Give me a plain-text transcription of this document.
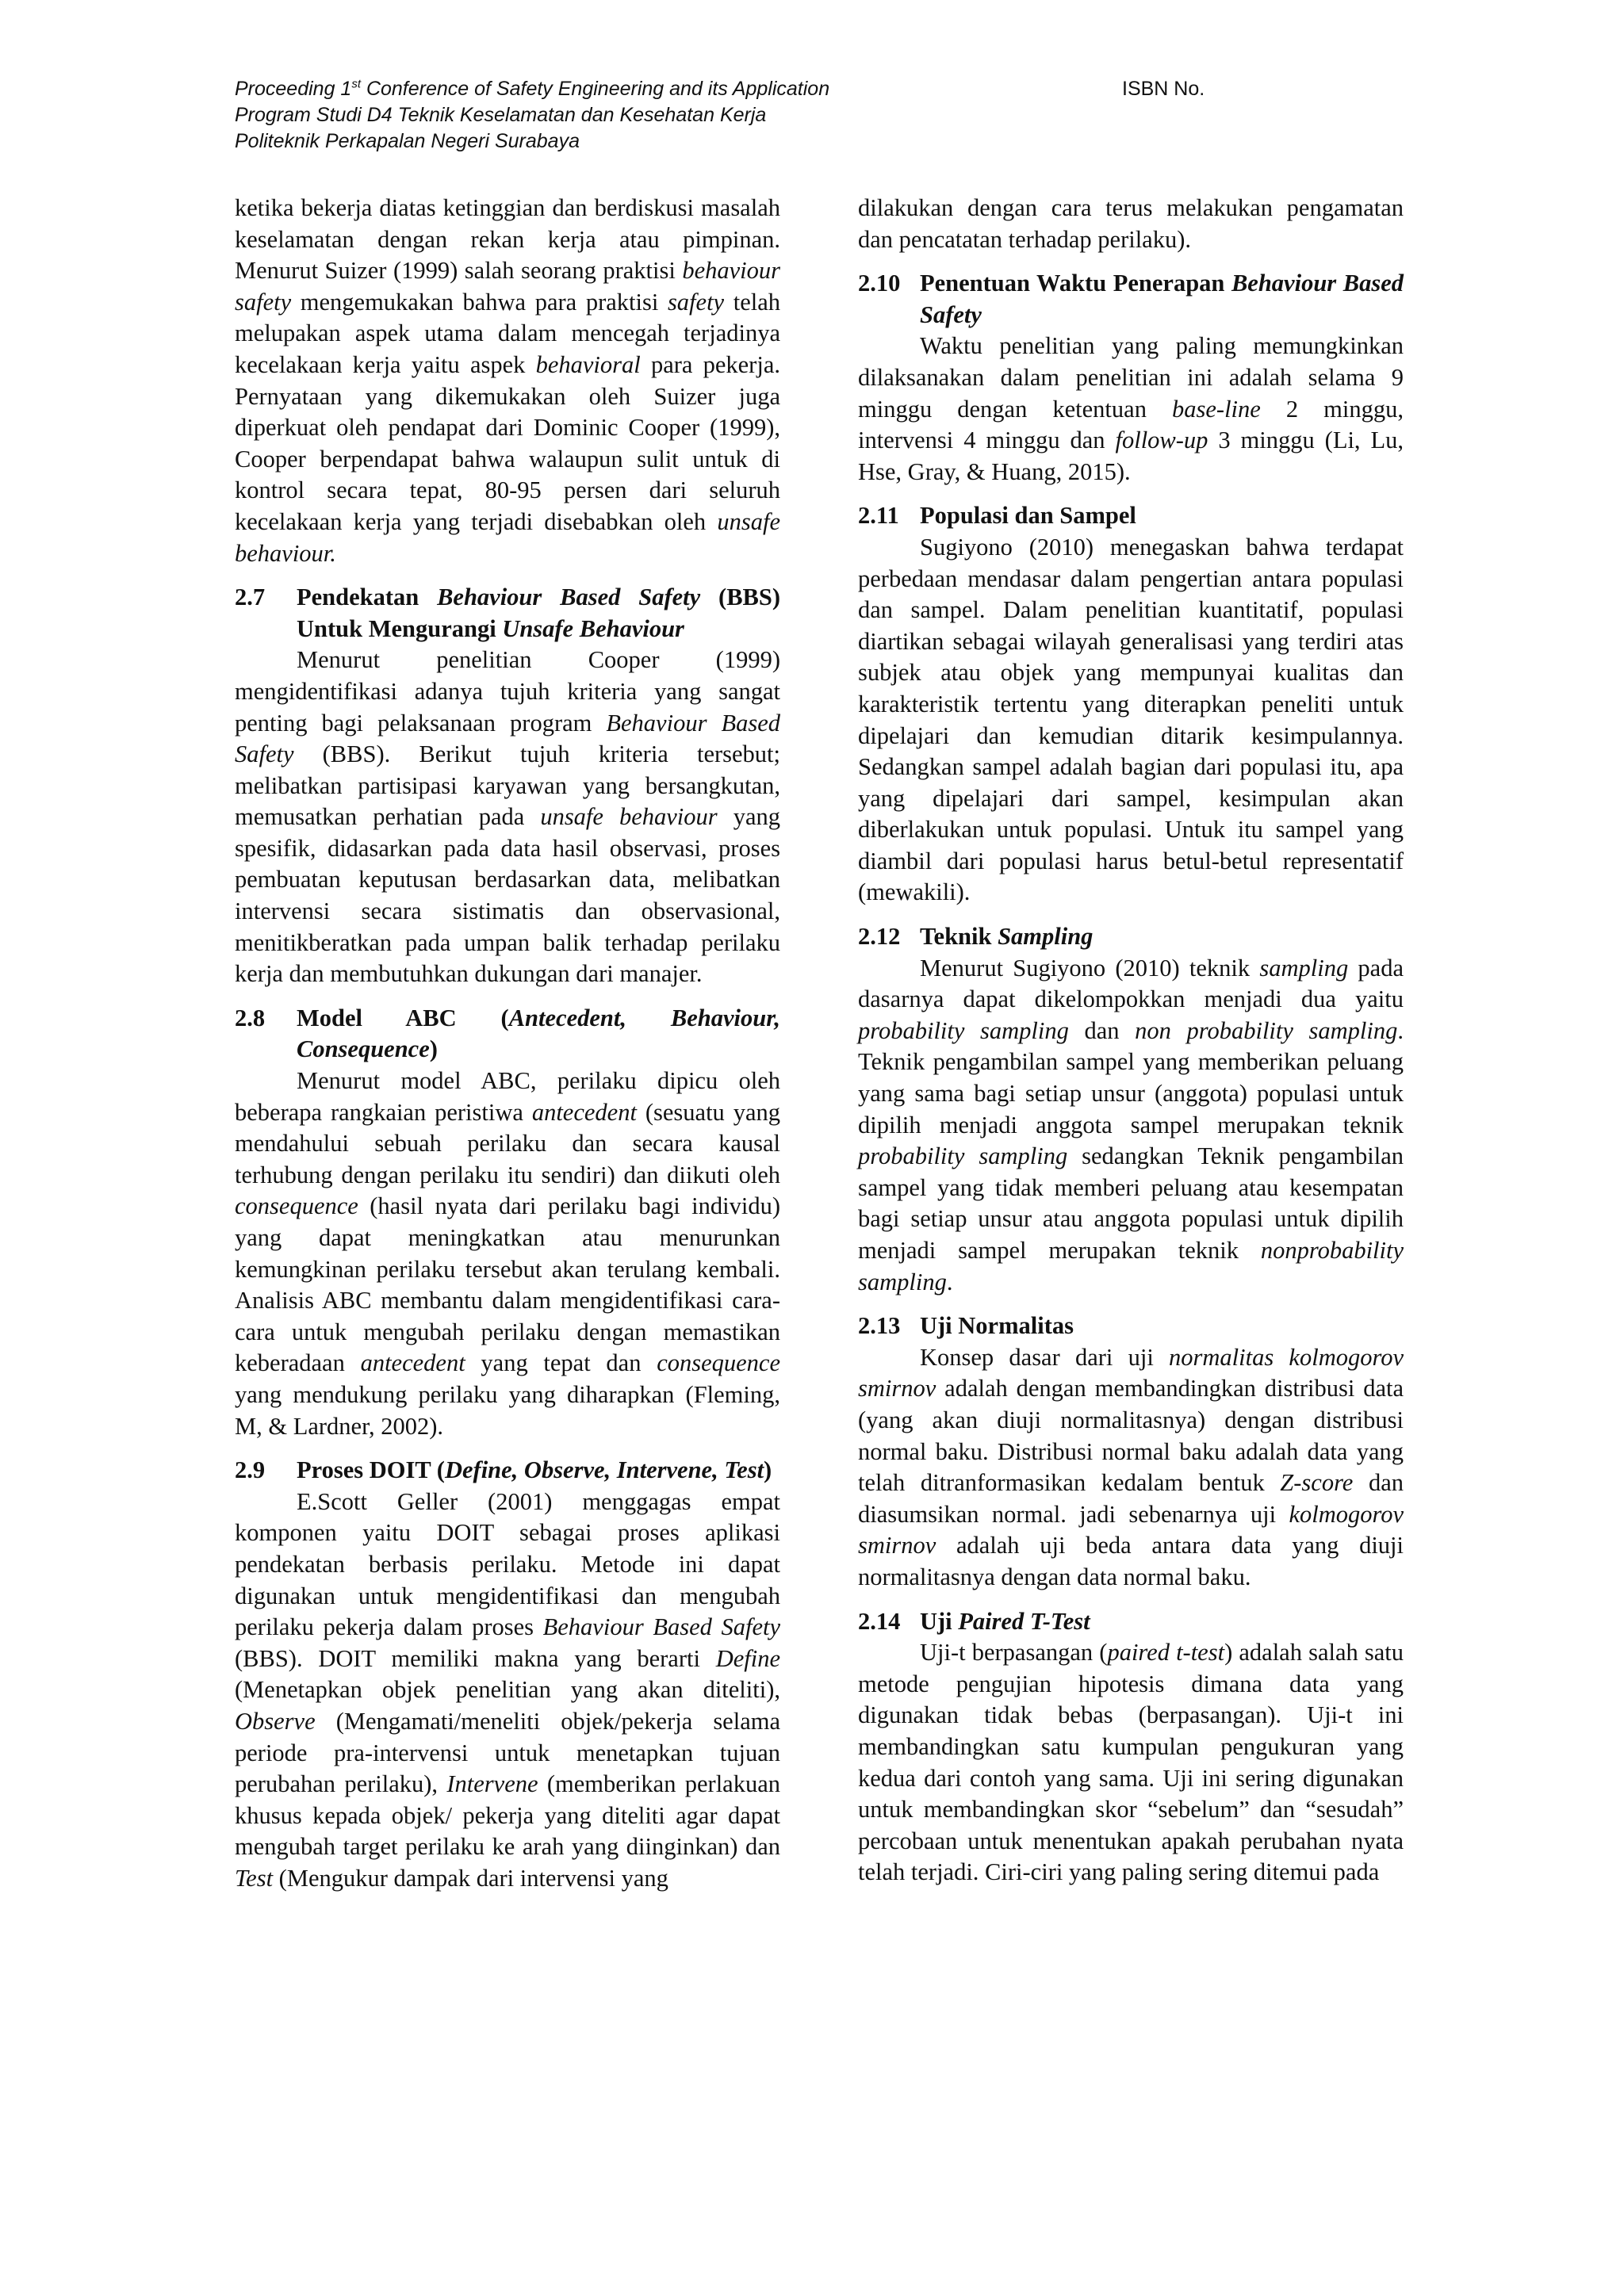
Proceeding 1st Conference of Safety Engineering and its Application	ISBN No.
Program Studi D4 Teknik Keselamatan dan Kesehatan Kerja
Politeknik Perkapalan Negeri Surabaya

ketika bekerja diatas ketinggian dan berdiskusi masalah keselamatan dengan rekan kerja atau pimpinan. Menurut Suizer (1999) salah seorang praktisi behaviour safety mengemukakan bahwa para praktisi safety telah melupakan aspek utama dalam mencegah terjadinya kecelakaan kerja yaitu aspek behavioral para pekerja. Pernyataan yang dikemukakan oleh Suizer juga diperkuat oleh pendapat dari Dominic Cooper (1999), Cooper berpendapat bahwa walaupun sulit untuk di kontrol secara tepat, 80-95 persen dari seluruh kecelakaan kerja yang terjadi disebabkan oleh unsafe behaviour.

2.7 Pendekatan Behaviour Based Safety (BBS) Untuk Mengurangi Unsafe Behaviour

Menurut penelitian Cooper (1999) mengidentifikasi adanya tujuh kriteria yang sangat penting bagi pelaksanaan program Behaviour Based Safety (BBS). Berikut tujuh kriteria tersebut; melibatkan partisipasi karyawan yang bersangkutan, memusatkan perhatian pada unsafe behaviour yang spesifik, didasarkan pada data hasil observasi, proses pembuatan keputusan berdasarkan data, melibatkan intervensi secara sistimatis dan observasional, menitikberatkan pada umpan balik terhadap perilaku kerja dan membutuhkan dukungan dari manajer.

2.8 Model ABC (Antecedent, Behaviour, Consequence)

Menurut model ABC, perilaku dipicu oleh beberapa rangkaian peristiwa antecedent (sesuatu yang mendahului sebuah perilaku dan secara kausal terhubung dengan perilaku itu sendiri) dan diikuti oleh consequence (hasil nyata dari perilaku bagi individu) yang dapat meningkatkan atau menurunkan kemungkinan perilaku tersebut akan terulang kembali. Analisis ABC membantu dalam mengidentifikasi cara-cara untuk mengubah perilaku dengan memastikan keberadaan antecedent yang tepat dan consequence yang mendukung perilaku yang diharapkan (Fleming, M, & Lardner, 2002).

2.9 Proses DOIT (Define, Observe, Intervene, Test)

E.Scott Geller (2001) menggagas empat komponen yaitu DOIT sebagai proses aplikasi pendekatan berbasis perilaku. Metode ini dapat digunakan untuk mengidentifikasi dan mengubah perilaku pekerja dalam proses Behaviour Based Safety (BBS). DOIT memiliki makna yang berarti Define (Menetapkan objek penelitian yang akan diteliti), Observe (Mengamati/meneliti objek/pekerja selama periode pra-intervensi untuk menetapkan tujuan perubahan perilaku), Intervene (memberikan perlakuan khusus kepada objek/ pekerja yang diteliti agar dapat mengubah target perilaku ke arah yang diinginkan) dan Test (Mengukur dampak dari intervensi yang

dilakukan dengan cara terus melakukan pengamatan dan pencatatan terhadap perilaku).

2.10 Penentuan Waktu Penerapan Behaviour Based Safety

Waktu penelitian yang paling memungkinkan dilaksanakan dalam penelitian ini adalah selama 9 minggu dengan ketentuan base-line 2 minggu, intervensi 4 minggu dan follow-up 3 minggu (Li, Lu, Hse, Gray, & Huang, 2015).

2.11 Populasi dan Sampel

Sugiyono (2010) menegaskan bahwa terdapat perbedaan mendasar dalam pengertian antara populasi dan sampel. Dalam penelitian kuantitatif, populasi diartikan sebagai wilayah generalisasi yang terdiri atas subjek atau objek yang mempunyai kualitas dan karakteristik tertentu yang diterapkan peneliti untuk dipelajari dan kemudian ditarik kesimpulannya. Sedangkan sampel adalah bagian dari populasi itu, apa yang dipelajari dari sampel, kesimpulan akan diberlakukan untuk populasi. Untuk itu sampel yang diambil dari populasi harus betul-betul representatif (mewakili).

2.12 Teknik Sampling

Menurut Sugiyono (2010) teknik sampling pada dasarnya dapat dikelompokkan menjadi dua yaitu probability sampling dan non probability sampling. Teknik pengambilan sampel yang memberikan peluang yang sama bagi setiap unsur (anggota) populasi untuk dipilih menjadi anggota sampel merupakan teknik probability sampling sedangkan Teknik pengambilan sampel yang tidak memberi peluang atau kesempatan bagi setiap unsur atau anggota populasi untuk dipilih menjadi sampel merupakan teknik nonprobability sampling.

2.13 Uji Normalitas

Konsep dasar dari uji normalitas kolmogorov smirnov adalah dengan membandingkan distribusi data (yang akan diuji normalitasnya) dengan distribusi normal baku. Distribusi normal baku adalah data yang telah ditranformasikan kedalam bentuk Z-score dan diasumsikan normal. jadi sebenarnya uji kolmogorov smirnov adalah uji beda antara data yang diuji normalitasnya dengan data normal baku.

2.14 Uji Paired T-Test

Uji-t berpasangan (paired t-test) adalah salah satu metode pengujian hipotesis dimana data yang digunakan tidak bebas (berpasangan). Uji-t ini membandingkan satu kumpulan pengukuran yang kedua dari contoh yang sama. Uji ini sering digunakan untuk membandingkan skor “sebelum” dan “sesudah” percobaan untuk menentukan apakah perubahan nyata telah terjadi. Ciri-ciri yang paling sering ditemui pada
